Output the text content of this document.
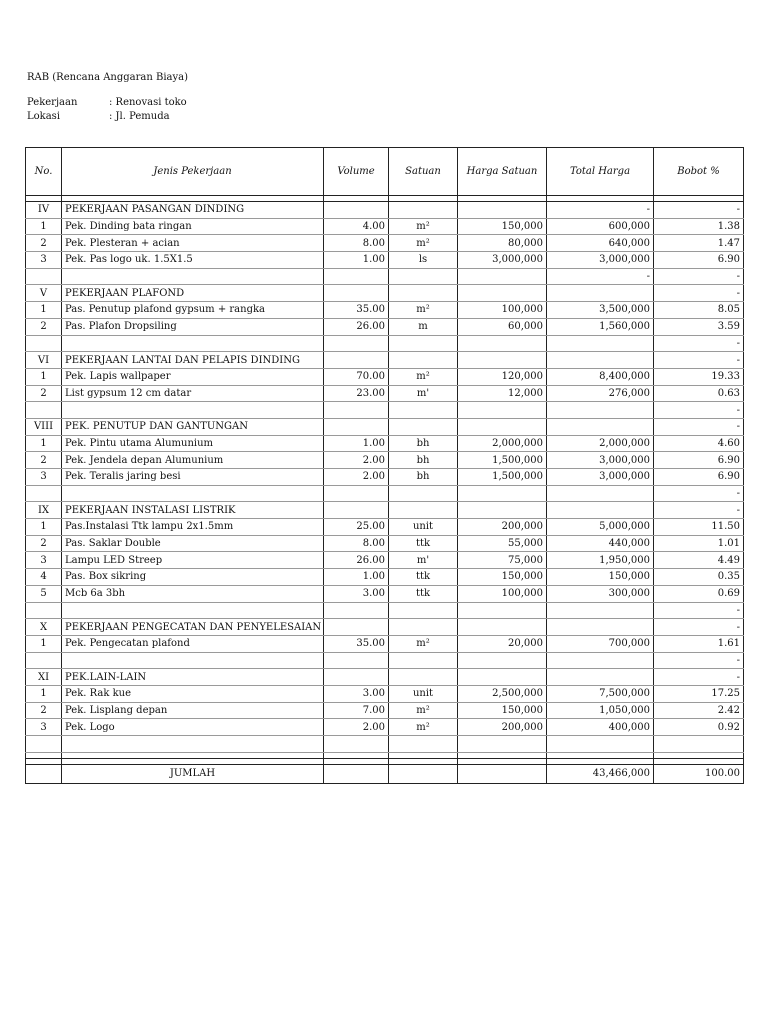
RAB (Rencana Anggaran Biaya)
Pekerjaan	: Renovasi toko
Lokasi	: Jl. Pemuda
No.	Jenis Pekerjaan	Volume	Satuan	Harga Satuan	Total Harga	Bobot %

IV	PEKERJAAN PASANGAN DINDING				-	-
1	Pek. Dinding bata ringan	4.00	m²	150,000	600,000	1.38
2	Pek. Plesteran + acian	8.00	m²	80,000	640,000	1.47
3	Pek. Pas logo uk. 1.5X1.5	1.00	ls	3,000,000	3,000,000	6.90
					-	-
V	PEKERJAAN PLAFOND					-
1	Pas. Penutup plafond gypsum + rangka	35.00	m²	100,000	3,500,000	8.05
2	Pas. Plafon Dropsiling	26.00	m	60,000	1,560,000	3.59
						-
VI	PEKERJAAN LANTAI DAN PELAPIS DINDING					-
1	Pek. Lapis wallpaper	70.00	m²	120,000	8,400,000	19.33
2	List gypsum 12 cm datar	23.00	m'	12,000	276,000	0.63
						-
VIII	PEK. PENUTUP DAN GANTUNGAN					-
1	Pek. Pintu utama Alumunium	1.00	bh	2,000,000	2,000,000	4.60
2	Pek. Jendela depan Alumunium	2.00	bh	1,500,000	3,000,000	6.90
3	Pek. Teralis jaring besi	2.00	bh	1,500,000	3,000,000	6.90
						-
IX	PEKERJAAN INSTALASI LISTRIK					-
1	Pas.Instalasi Ttk lampu 2x1.5mm	25.00	unit	200,000	5,000,000	11.50
2	Pas. Saklar Double	8.00	ttk	55,000	440,000	1.01
3	Lampu LED Streep	26.00	m'	75,000	1,950,000	4.49
4	Pas. Box sikring	1.00	ttk	150,000	150,000	0.35
5	Mcb 6a 3bh	3.00	ttk	100,000	300,000	0.69
						-
X	PEKERJAAN PENGECATAN DAN PENYELESAIAN					-
1	Pek. Pengecatan plafond	35.00	m²	20,000	700,000	1.61
						-
XI	PEK.LAIN-LAIN					-
1	Pek. Rak kue	3.00	unit	2,500,000	7,500,000	17.25
2	Pek. Lisplang depan	7.00	m²	150,000	1,050,000	2.42
3	Pek. Logo	2.00	m²	200,000	400,000	0.92

	JUMLAH				43,466,000	100.00
